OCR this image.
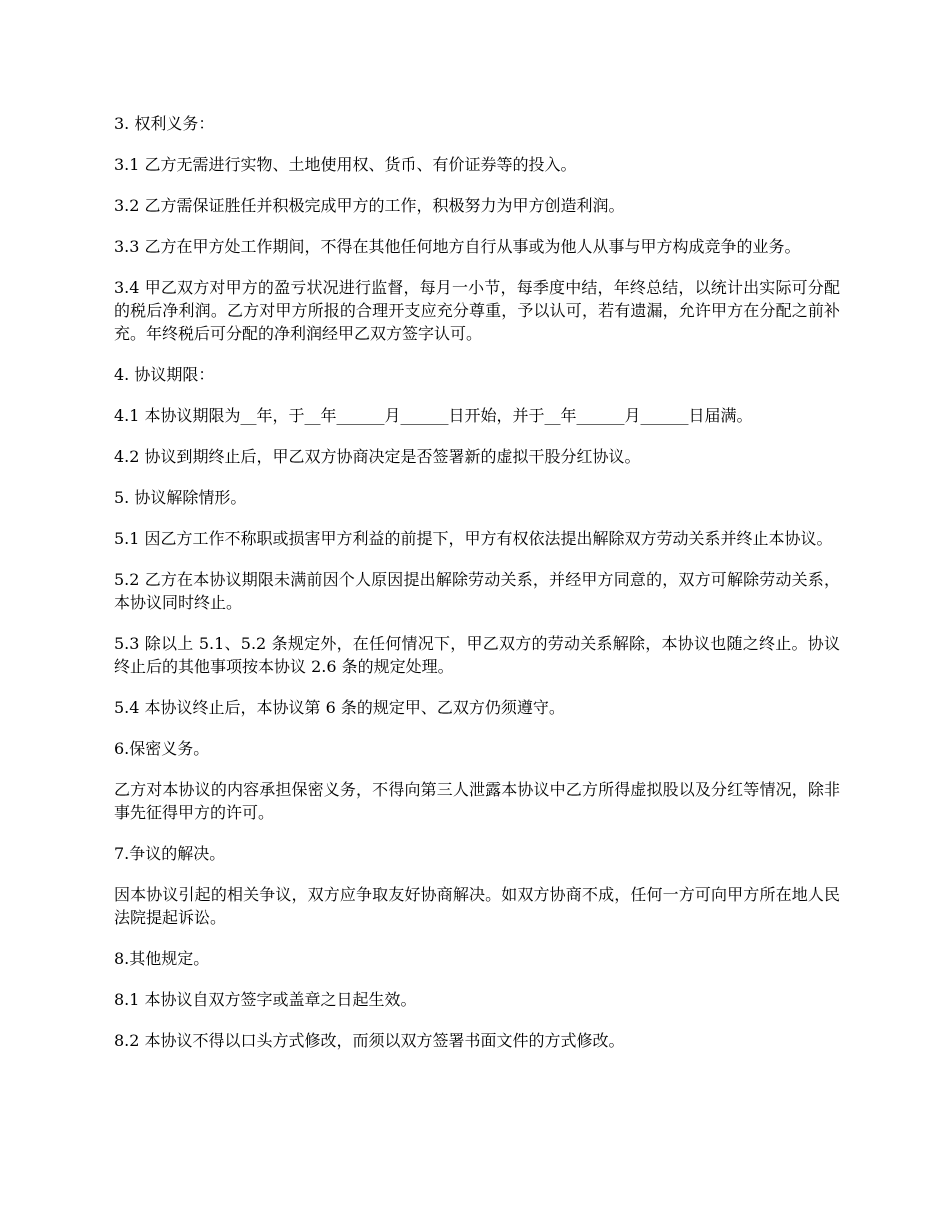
3. 权利义务：

3.1 乙方无需进行实物、土地使用权、货币、有价证券等的投入。

3.2 乙方需保证胜任并积极完成甲方的工作，积极努力为甲方创造利润。

3.3 乙方在甲方处工作期间，不得在其他任何地方自行从事或为他人从事与甲方构成竞争的业务。

3.4 甲乙双方对甲方的盈亏状况进行监督，每月一小节，每季度中结，年终总结，以统计出实际可分配的税后净利润。乙方对甲方所报的合理开支应充分尊重，予以认可，若有遗漏，允许甲方在分配之前补充。年终税后可分配的净利润经甲乙双方签字认可。

4. 协议期限：

4.1 本协议期限为__年，于__年______月______日开始，并于__年______月______日届满。

4.2 协议到期终止后，甲乙双方协商决定是否签署新的虚拟干股分红协议。

5. 协议解除情形。

5.1 因乙方工作不称职或损害甲方利益的前提下，甲方有权依法提出解除双方劳动关系并终止本协议。

5.2 乙方在本协议期限未满前因个人原因提出解除劳动关系，并经甲方同意的，双方可解除劳动关系，本协议同时终止。

5.3 除以上 5.1、5.2 条规定外，在任何情况下，甲乙双方的劳动关系解除，本协议也随之终止。协议终止后的其他事项按本协议 2.6 条的规定处理。

5.4 本协议终止后，本协议第 6 条的规定甲、乙双方仍须遵守。

6.保密义务。

乙方对本协议的内容承担保密义务，不得向第三人泄露本协议中乙方所得虚拟股以及分红等情况，除非事先征得甲方的许可。

7.争议的解决。

因本协议引起的相关争议，双方应争取友好协商解决。如双方协商不成，任何一方可向甲方所在地人民法院提起诉讼。

8.其他规定。

8.1 本协议自双方签字或盖章之日起生效。

8.2 本协议不得以口头方式修改，而须以双方签署书面文件的方式修改。
